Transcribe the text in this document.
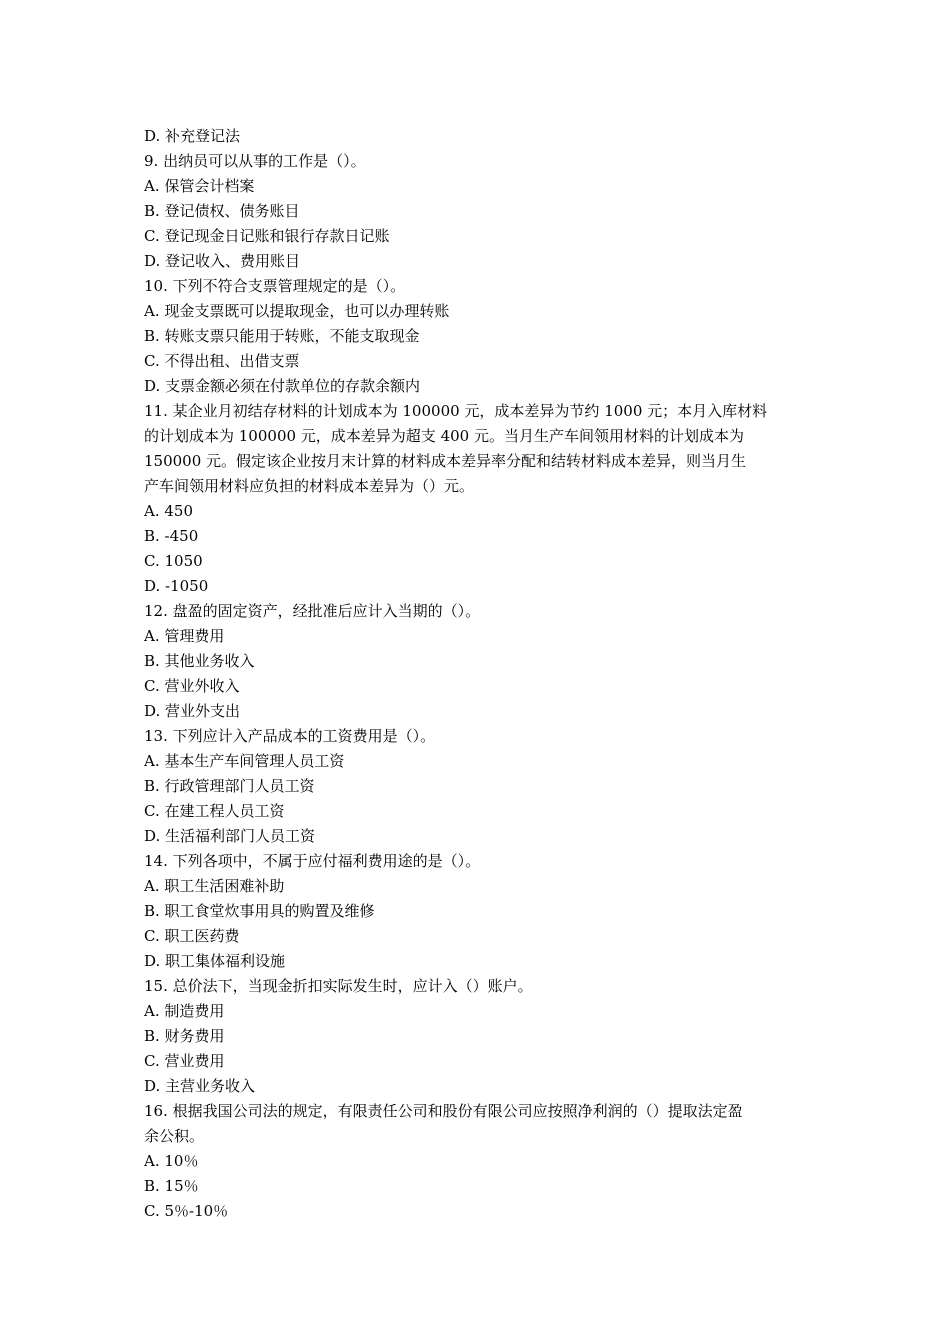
D. 补充登记法
9. 出纳员可以从事的工作是（）。
A. 保管会计档案
B. 登记债权、债务账目
C. 登记现金日记账和银行存款日记账
D. 登记收入、费用账目
10. 下列不符合支票管理规定的是（）。
A. 现金支票既可以提取现金，也可以办理转账
B. 转账支票只能用于转账，不能支取现金
C. 不得出租、出借支票
D. 支票金额必须在付款单位的存款余额内
11. 某企业月初结存材料的计划成本为 100000 元，成本差异为节约 1000 元；本月入库材料
的计划成本为 100000 元，成本差异为超支 400 元。当月生产车间领用材料的计划成本为
150000 元。假定该企业按月末计算的材料成本差异率分配和结转材料成本差异，则当月生
产车间领用材料应负担的材料成本差异为（）元。
A. 450
B. -450
C. 1050
D. -1050
12. 盘盈的固定资产，经批准后应计入当期的（）。
A. 管理费用
B. 其他业务收入
C. 营业外收入
D. 营业外支出
13. 下列应计入产品成本的工资费用是（）。
A. 基本生产车间管理人员工资
B. 行政管理部门人员工资
C. 在建工程人员工资
D. 生活福利部门人员工资
14. 下列各项中，不属于应付福利费用途的是（）。
A. 职工生活困难补助
B. 职工食堂炊事用具的购置及维修
C. 职工医药费
D. 职工集体福利设施
15. 总价法下，当现金折扣实际发生时，应计入（）账户。
A. 制造费用
B. 财务费用
C. 营业费用
D. 主营业务收入
16. 根据我国公司法的规定，有限责任公司和股份有限公司应按照净利润的（）提取法定盈
余公积。
A. 10％
B. 15％
C. 5％-10％
